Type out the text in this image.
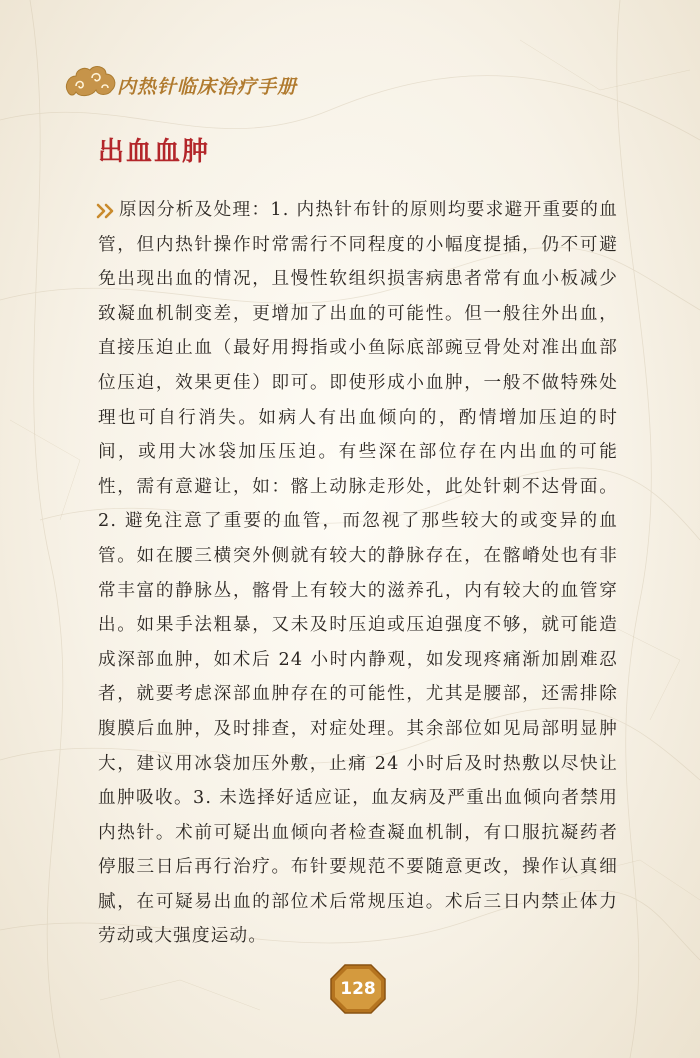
内热针临床治疗手册
出血血肿

原因分析及处理：1. 内热针布针的原则均要求避开重要的血管，但内热针操作时常需行不同程度的小幅度提插，仍不可避免出现出血的情况，且慢性软组织损害病患者常有血小板减少致凝血机制变差，更增加了出血的可能性。但一般往外出血，直接压迫止血（最好用拇指或小鱼际底部豌豆骨处对准出血部位压迫，效果更佳）即可。即使形成小血肿，一般不做特殊处理也可自行消失。如病人有出血倾向的，酌情增加压迫的时间，或用大冰袋加压压迫。有些深在部位存在内出血的可能性，需有意避让，如：髂上动脉走形处，此处针刺不达骨面。2. 避免注意了重要的血管，而忽视了那些较大的或变异的血管。如在腰三横突外侧就有较大的静脉存在，在髂嵴处也有非常丰富的静脉丛，髂骨上有较大的滋养孔，内有较大的血管穿出。如果手法粗暴，又未及时压迫或压迫强度不够，就可能造成深部血肿，如术后 24 小时内静观，如发现疼痛渐加剧难忍者，就要考虑深部血肿存在的可能性，尤其是腰部，还需排除腹膜后血肿，及时排查，对症处理。其余部位如见局部明显肿大，建议用冰袋加压外敷，止痛 24 小时后及时热敷以尽快让血肿吸收。3. 未选择好适应证，血友病及严重出血倾向者禁用内热针。术前可疑出血倾向者检查凝血机制，有口服抗凝药者停服三日后再行治疗。布针要规范不要随意更改，操作认真细腻，在可疑易出血的部位术后常规压迫。术后三日内禁止体力劳动或大强度运动。

128
